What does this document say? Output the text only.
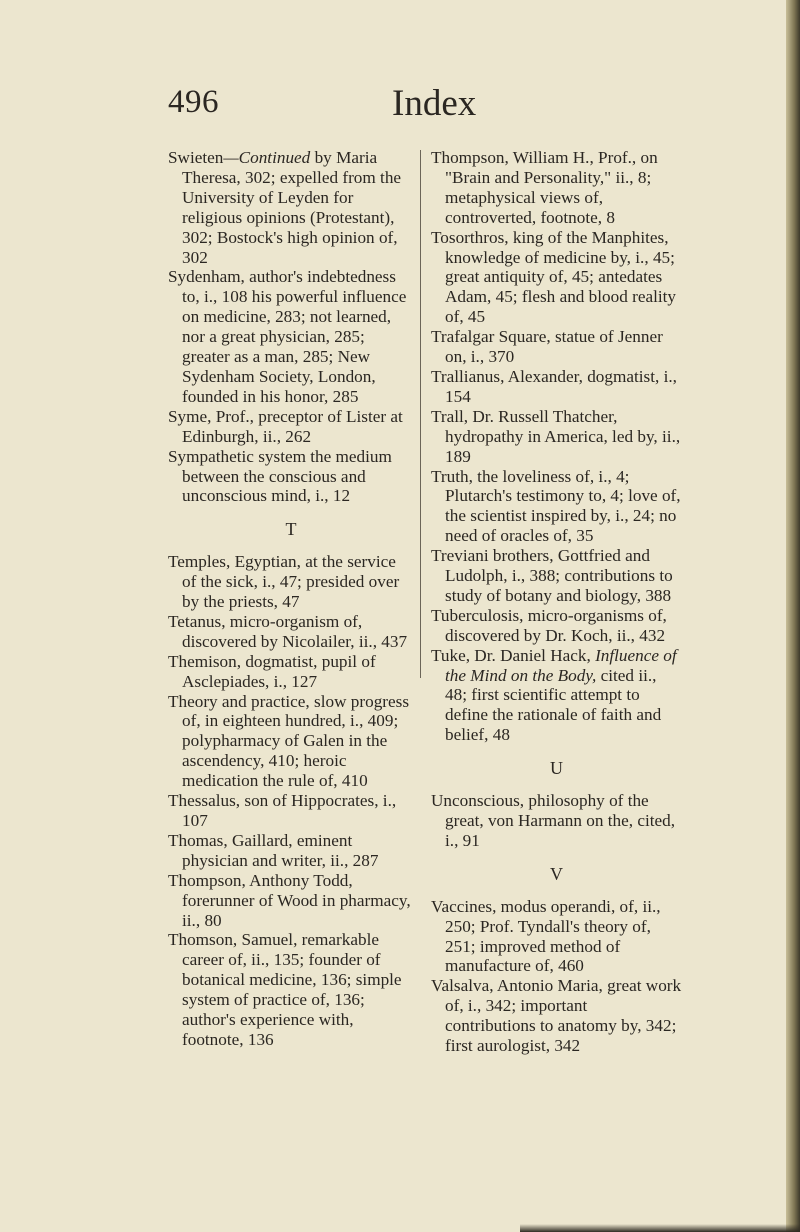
496	Index

Swieten—Continued by Maria Theresa, 302; expelled from the University of Leyden for religious opinions (Protestant), 302; Bostock's high opinion of, 302

Sydenham, author's indebtedness to, i., 108 his powerful influence on medicine, 283; not learned, nor a great physician, 285; greater as a man, 285; New Sydenham Society, London, founded in his honor, 285

Syme, Prof., preceptor of Lister at Edinburgh, ii., 262

Sympathetic system the medium between the conscious and unconscious mind, i., 12

T

Temples, Egyptian, at the service of the sick, i., 47; presided over by the priests, 47

Tetanus, micro-organism of, discovered by Nicolailer, ii., 437

Themison, dogmatist, pupil of Asclepiades, i., 127

Theory and practice, slow progress of, in eighteen hundred, i., 409; polypharmacy of Galen in the ascendency, 410; heroic medication the rule of, 410

Thessalus, son of Hippocrates, i., 107

Thomas, Gaillard, eminent physician and writer, ii., 287

Thompson, Anthony Todd, forerunner of Wood in pharmacy, ii., 80

Thomson, Samuel, remarkable career of, ii., 135; founder of botanical medicine, 136; simple system of practice of, 136; author's experience with, footnote, 136

Thompson, William H., Prof., on "Brain and Personality," ii., 8; metaphysical views of, controverted, footnote, 8

Tosorthros, king of the Manphites, knowledge of medicine by, i., 45; great antiquity of, 45; antedates Adam, 45; flesh and blood reality of, 45

Trafalgar Square, statue of Jenner on, i., 370

Trallianus, Alexander, dogmatist, i., 154

Trall, Dr. Russell Thatcher, hydropathy in America, led by, ii., 189

Truth, the loveliness of, i., 4; Plutarch's testimony to, 4; love of, the scientist inspired by, i., 24; no need of oracles of, 35

Treviani brothers, Gottfried and Ludolph, i., 388; contributions to study of botany and biology, 388

Tuberculosis, micro-organisms of, discovered by Dr. Koch, ii., 432

Tuke, Dr. Daniel Hack, Influence of the Mind on the Body, cited ii., 48; first scientific attempt to define the rationale of faith and belief, 48

U

Unconscious, philosophy of the great, von Harmann on the, cited, i., 91

V

Vaccines, modus operandi, of, ii., 250; Prof. Tyndall's theory of, 251; improved method of manufacture of, 460

Valsalva, Antonio Maria, great work of, i., 342; important contributions to anatomy by, 342; first aurologist, 342
